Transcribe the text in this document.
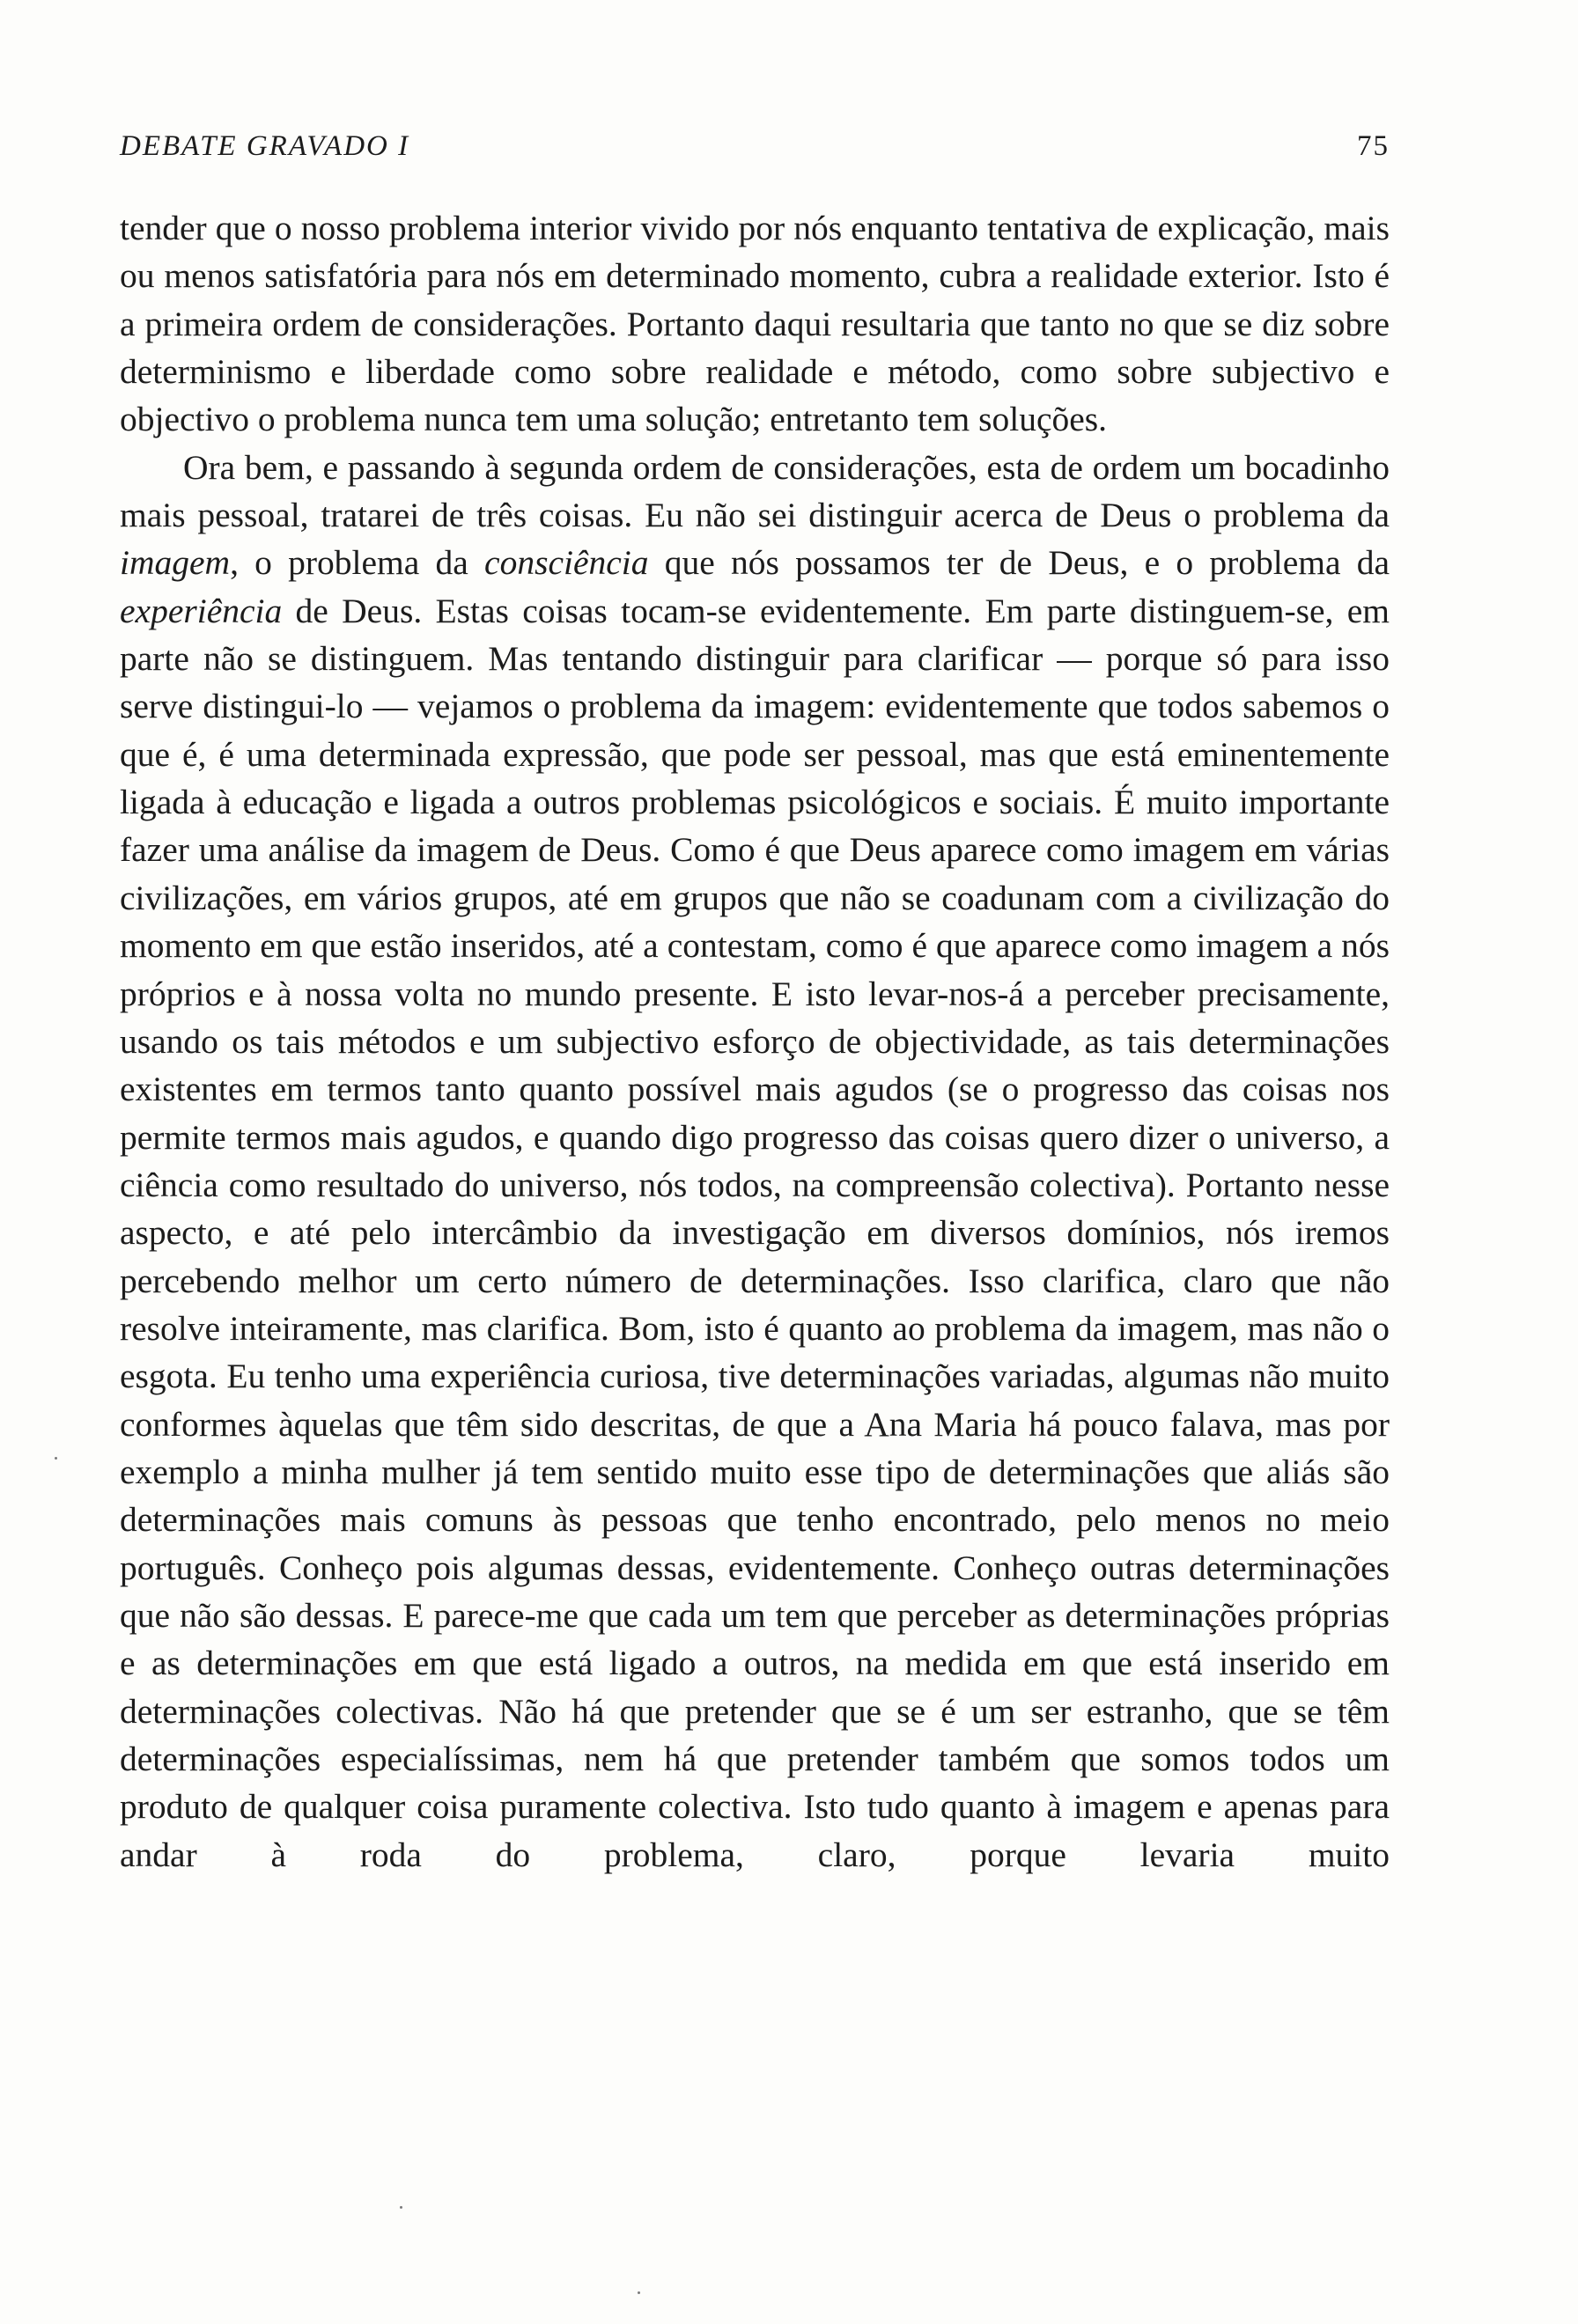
DEBATE GRAVADO I	75

tender que o nosso problema interior vivido por nós enquanto tentativa de explicação, mais ou menos satisfatória para nós em determinado momento, cubra a realidade exterior. Isto é a primeira ordem de considerações. Portanto daqui resultaria que tanto no que se diz sobre determinismo e liberdade como sobre realidade e método, como sobre subjectivo e objectivo o problema nunca tem uma solução; entretanto tem soluções.

Ora bem, e passando à segunda ordem de considerações, esta de ordem um bocadinho mais pessoal, tratarei de três coisas. Eu não sei distinguir acerca de Deus o problema da imagem, o problema da consciência que nós possamos ter de Deus, e o problema da experiência de Deus. Estas coisas tocam-se evidentemente. Em parte distinguem-se, em parte não se distinguem. Mas tentando distinguir para clarificar — porque só para isso serve distingui-lo — vejamos o problema da imagem: evidentemente que todos sabemos o que é, é uma determinada expressão, que pode ser pessoal, mas que está eminentemente ligada à educação e ligada a outros problemas psicológicos e sociais. É muito importante fazer uma análise da imagem de Deus. Como é que Deus aparece como imagem em várias civilizações, em vários grupos, até em grupos que não se coadunam com a civilização do momento em que estão inseridos, até a contestam, como é que aparece como imagem a nós próprios e à nossa volta no mundo presente. E isto levar-nos-á a perceber precisamente, usando os tais métodos e um subjectivo esforço de objectividade, as tais determinações existentes em termos tanto quanto possível mais agudos (se o progresso das coisas nos permite termos mais agudos, e quando digo progresso das coisas quero dizer o universo, a ciência como resultado do universo, nós todos, na compreensão colectiva). Portanto nesse aspecto, e até pelo intercâmbio da investigação em diversos domínios, nós iremos percebendo melhor um certo número de determinações. Isso clarifica, claro que não resolve inteiramente, mas clarifica. Bom, isto é quanto ao problema da imagem, mas não o esgota. Eu tenho uma experiência curiosa, tive determinações variadas, algumas não muito conformes àquelas que têm sido descritas, de que a Ana Maria há pouco falava, mas por exemplo a minha mulher já tem sentido muito esse tipo de determinações que aliás são determinações mais comuns às pessoas que tenho encontrado, pelo menos no meio português. Conheço pois algumas dessas, evidentemente. Conheço outras determinações que não são dessas. E parece-me que cada um tem que perceber as determinações próprias e as determinações em que está ligado a outros, na medida em que está inserido em determinações colectivas. Não há que pretender que se é um ser estranho, que se têm determinações especialíssimas, nem há que pretender também que somos todos um produto de qualquer coisa puramente colectiva. Isto tudo quanto à imagem e apenas para andar à roda do problema, claro, porque levaria muito
